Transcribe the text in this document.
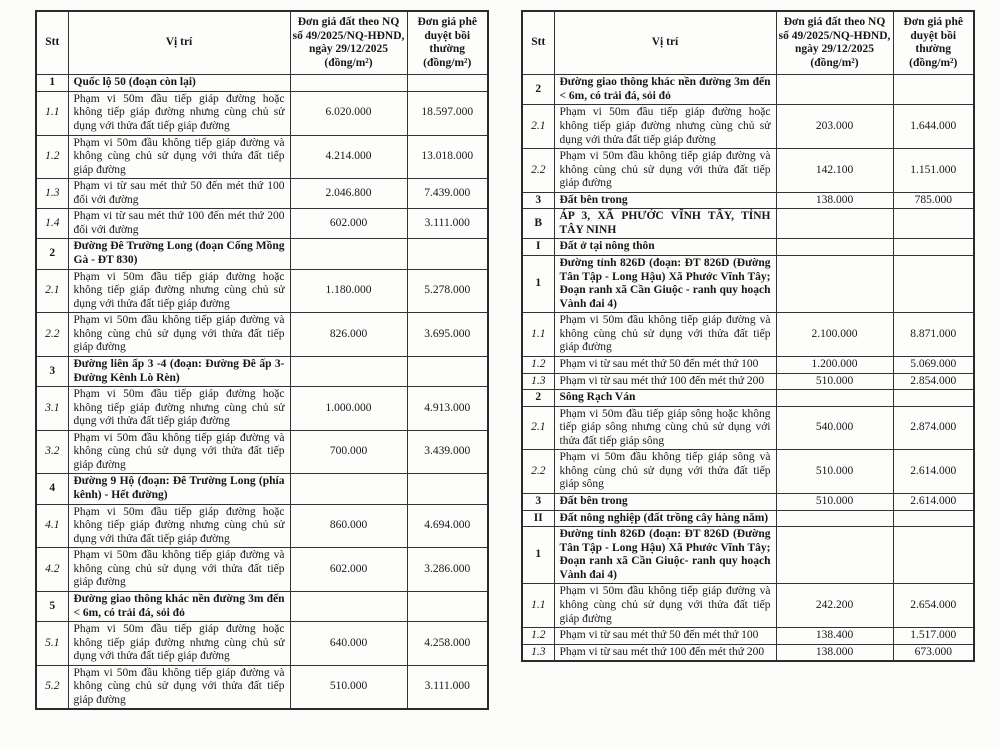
Stt	Vị trí	Đơn giá đất theo NQ số 49/2025/NQ-HĐND, ngày 29/12/2025 (đồng/m²)	Đơn giá phê duyệt bồi thường (đồng/m²)
1	Quốc lộ 50 (đoạn còn lại)		
1.1	Phạm vi 50m đầu tiếp giáp đường hoặc không tiếp giáp đường nhưng cùng chủ sử dụng với thửa đất tiếp giáp đường	6.020.000	18.597.000
1.2	Phạm vi 50m đầu không tiếp giáp đường và không cùng chủ sử dụng với thửa đất tiếp giáp đường	4.214.000	13.018.000
1.3	Phạm vi từ sau mét thứ 50 đến mét thứ 100 đối với đường	2.046.800	7.439.000
1.4	Phạm vi từ sau mét thứ 100 đến mét thứ 200 đối với đường	602.000	3.111.000
2	Đường Đê Trường Long (đoạn Cống Mồng Gà - ĐT 830)		
2.1	Phạm vi 50m đầu tiếp giáp đường hoặc không tiếp giáp đường nhưng cùng chủ sử dụng với thửa đất tiếp giáp đường	1.180.000	5.278.000
2.2	Phạm vi 50m đầu không tiếp giáp đường và không cùng chủ sử dụng với thửa đất tiếp giáp đường	826.000	3.695.000
3	Đường liên ấp 3 -4 (đoạn: Đường Đê ấp 3-Đường Kênh Lò Rèn)		
3.1	Phạm vi 50m đầu tiếp giáp đường hoặc không tiếp giáp đường nhưng cùng chủ sử dụng với thửa đất tiếp giáp đường	1.000.000	4.913.000
3.2	Phạm vi 50m đầu không tiếp giáp đường và không cùng chủ sử dụng với thửa đất tiếp giáp đường	700.000	3.439.000
4	Đường 9 Hộ (đoạn: Đê Trường Long (phía kênh) - Hết đường)		
4.1	Phạm vi 50m đầu tiếp giáp đường hoặc không tiếp giáp đường nhưng cùng chủ sử dụng với thửa đất tiếp giáp đường	860.000	4.694.000
4.2	Phạm vi 50m đầu không tiếp giáp đường và không cùng chủ sử dụng với thửa đất tiếp giáp đường	602.000	3.286.000
5	Đường giao thông khác nền đường 3m đến < 6m, có trải đá, sỏi đỏ		
5.1	Phạm vi 50m đầu tiếp giáp đường hoặc không tiếp giáp đường nhưng cùng chủ sử dụng với thửa đất tiếp giáp đường	640.000	4.258.000
5.2	Phạm vi 50m đầu không tiếp giáp đường và không cùng chủ sử dụng với thửa đất tiếp giáp đường	510.000	3.111.000
Stt	Vị trí	Đơn giá đất theo NQ số 49/2025/NQ-HĐND, ngày 29/12/2025 (đồng/m²)	Đơn giá phê duyệt bồi thường (đồng/m²)
2	Đường giao thông khác nền đường 3m đến < 6m, có trải đá, sỏi đỏ		
2.1	Phạm vi 50m đầu tiếp giáp đường hoặc không tiếp giáp đường nhưng cùng chủ sử dụng với thửa đất tiếp giáp đường	203.000	1.644.000
2.2	Phạm vi 50m đầu không tiếp giáp đường và không cùng chủ sử dụng với thửa đất tiếp giáp đường	142.100	1.151.000
3	Đất bên trong	138.000	785.000
B	ÁP 3, XÃ PHƯỚC VĨNH TÂY, TỈNH TÂY NINH		
I	Đất ở tại nông thôn		
1	Đường tỉnh 826D (đoạn: ĐT 826D (Đường Tân Tập - Long Hậu) Xã Phước Vĩnh Tây; Đoạn ranh xã Cần Giuộc - ranh quy hoạch Vành đai 4)		
1.1	Phạm vi 50m đầu không tiếp giáp đường và không cùng chủ sử dụng với thửa đất tiếp giáp đường	2.100.000	8.871.000
1.2	Phạm vi từ sau mét thứ 50 đến mét thứ 100	1.200.000	5.069.000
1.3	Phạm vi từ sau mét thứ 100 đến mét thứ 200	510.000	2.854.000
2	Sông Rạch Ván		
2.1	Phạm vi 50m đầu tiếp giáp sông hoặc không tiếp giáp sông nhưng cùng chủ sử dụng với thửa đất tiếp giáp sông	540.000	2.874.000
2.2	Phạm vi 50m đầu không tiếp giáp sông và không cùng chủ sử dụng với thửa đất tiếp giáp sông	510.000	2.614.000
3	Đất bên trong	510.000	2.614.000
II	Đất nông nghiệp (đất trồng cây hàng năm)		
1	Đường tỉnh 826D (đoạn: ĐT 826D (Đường Tân Tập - Long Hậu) Xã Phước Vĩnh Tây; Đoạn ranh xã Cần Giuộc- ranh quy hoạch Vành đai 4)		
1.1	Phạm vi 50m đầu không tiếp giáp đường và không cùng chủ sử dụng với thửa đất tiếp giáp đường	242.200	2.654.000
1.2	Phạm vi từ sau mét thứ 50 đến mét thứ 100	138.400	1.517.000
1.3	Phạm vi từ sau mét thứ 100 đến mét thứ 200	138.000	673.000
